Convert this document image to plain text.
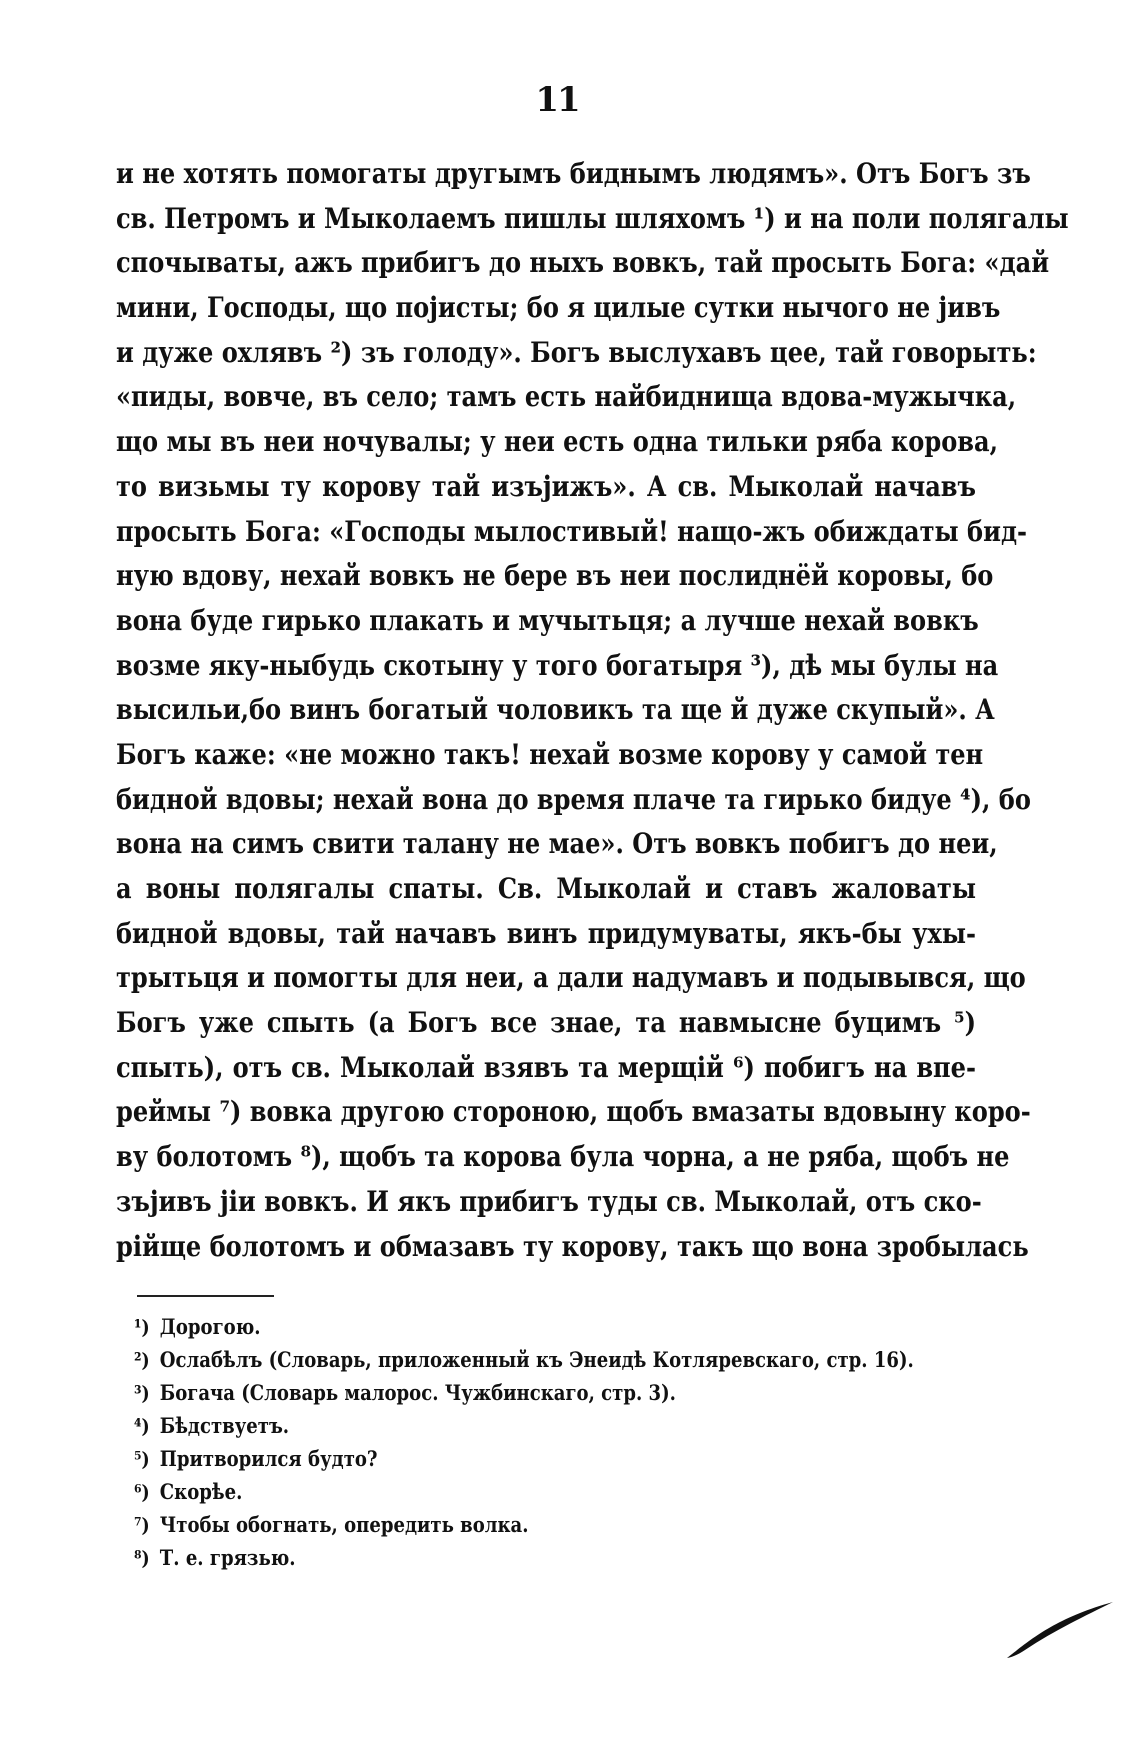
11
и не хотять помогаты другымъ биднымъ людямъ». Отъ Богъ зъ
св. Петромъ и Мыколаемъ пишлы шляхомъ ¹) и на поли полягалы
спочываты, ажъ прибигъ до ныхъ вовкъ, тай просыть Бога: «дай
мини, Господы, що појисты; бо я цилые сутки нычого не јивъ
и дуже охлявъ ²) зъ голоду». Богъ выслухавъ цее, тай говорыть:
«пиды, вовче, въ село; тамъ есть найбиднища вдова-мужычка,
що мы въ неи ночувалы; у неи есть одна тильки ряба корова,
то визьмы ту корову тай изъјижъ». А св. Мыколай начавъ
просыть Бога: «Господы мылостивый! нащо-жъ обиждаты бид-
ную вдову, нехай вовкъ не бере въ неи послиднёй коровы, бо
вона буде гирько плакать и мучытьця; а лучше нехай вовкъ
возме яку-ныбудь скотыну у того богатыря ³), дѣ мы булы на
высильи,бо винъ богатый чоловикъ та ще й дуже скупый». А
Богъ каже: «не можно такъ! нехай возме корову у самой тен
бидной вдовы; нехай вона до время плаче та гирько бидуе ⁴), бо
вона на симъ свити талану не мае». Отъ вовкъ побигъ до неи,
а воны полягалы спаты. Св. Мыколай и ставъ жаловаты
бидной вдовы, тай начавъ винъ придумуваты, якъ-бы ухы-
трытьця и помогты для неи, а дали надумавъ и подывывся, що
Богъ уже спыть (а Богъ все знае, та навмысне буцимъ ⁵)
спыть), отъ св. Мыколай взявъ та мерщій ⁶) побигъ на впе-
реймы ⁷) вовка другою стороною, щобъ вмазаты вдовыну коро-
ву болотомъ ⁸), щобъ та корова була чорна, а не ряба, щобъ не
зъјивъ јiи вовкъ. И якъ прибигъ туды св. Мыколай, отъ ско-
рійще болотомъ и обмазавъ ту корову, такъ що вона зробылась
¹) Дорогою.
²) Ослабѣлъ (Словарь, приложенный къ Энеидѣ Котляревскаго, стр. 16).
³) Богача (Словарь малорос. Чужбинскаго, стр. 3).
⁴) Бѣдствуетъ.
⁵) Притворился будто?
⁶) Скорѣе.
⁷) Чтобы обогнать, опередить волка.
⁸) Т. е. грязью.
